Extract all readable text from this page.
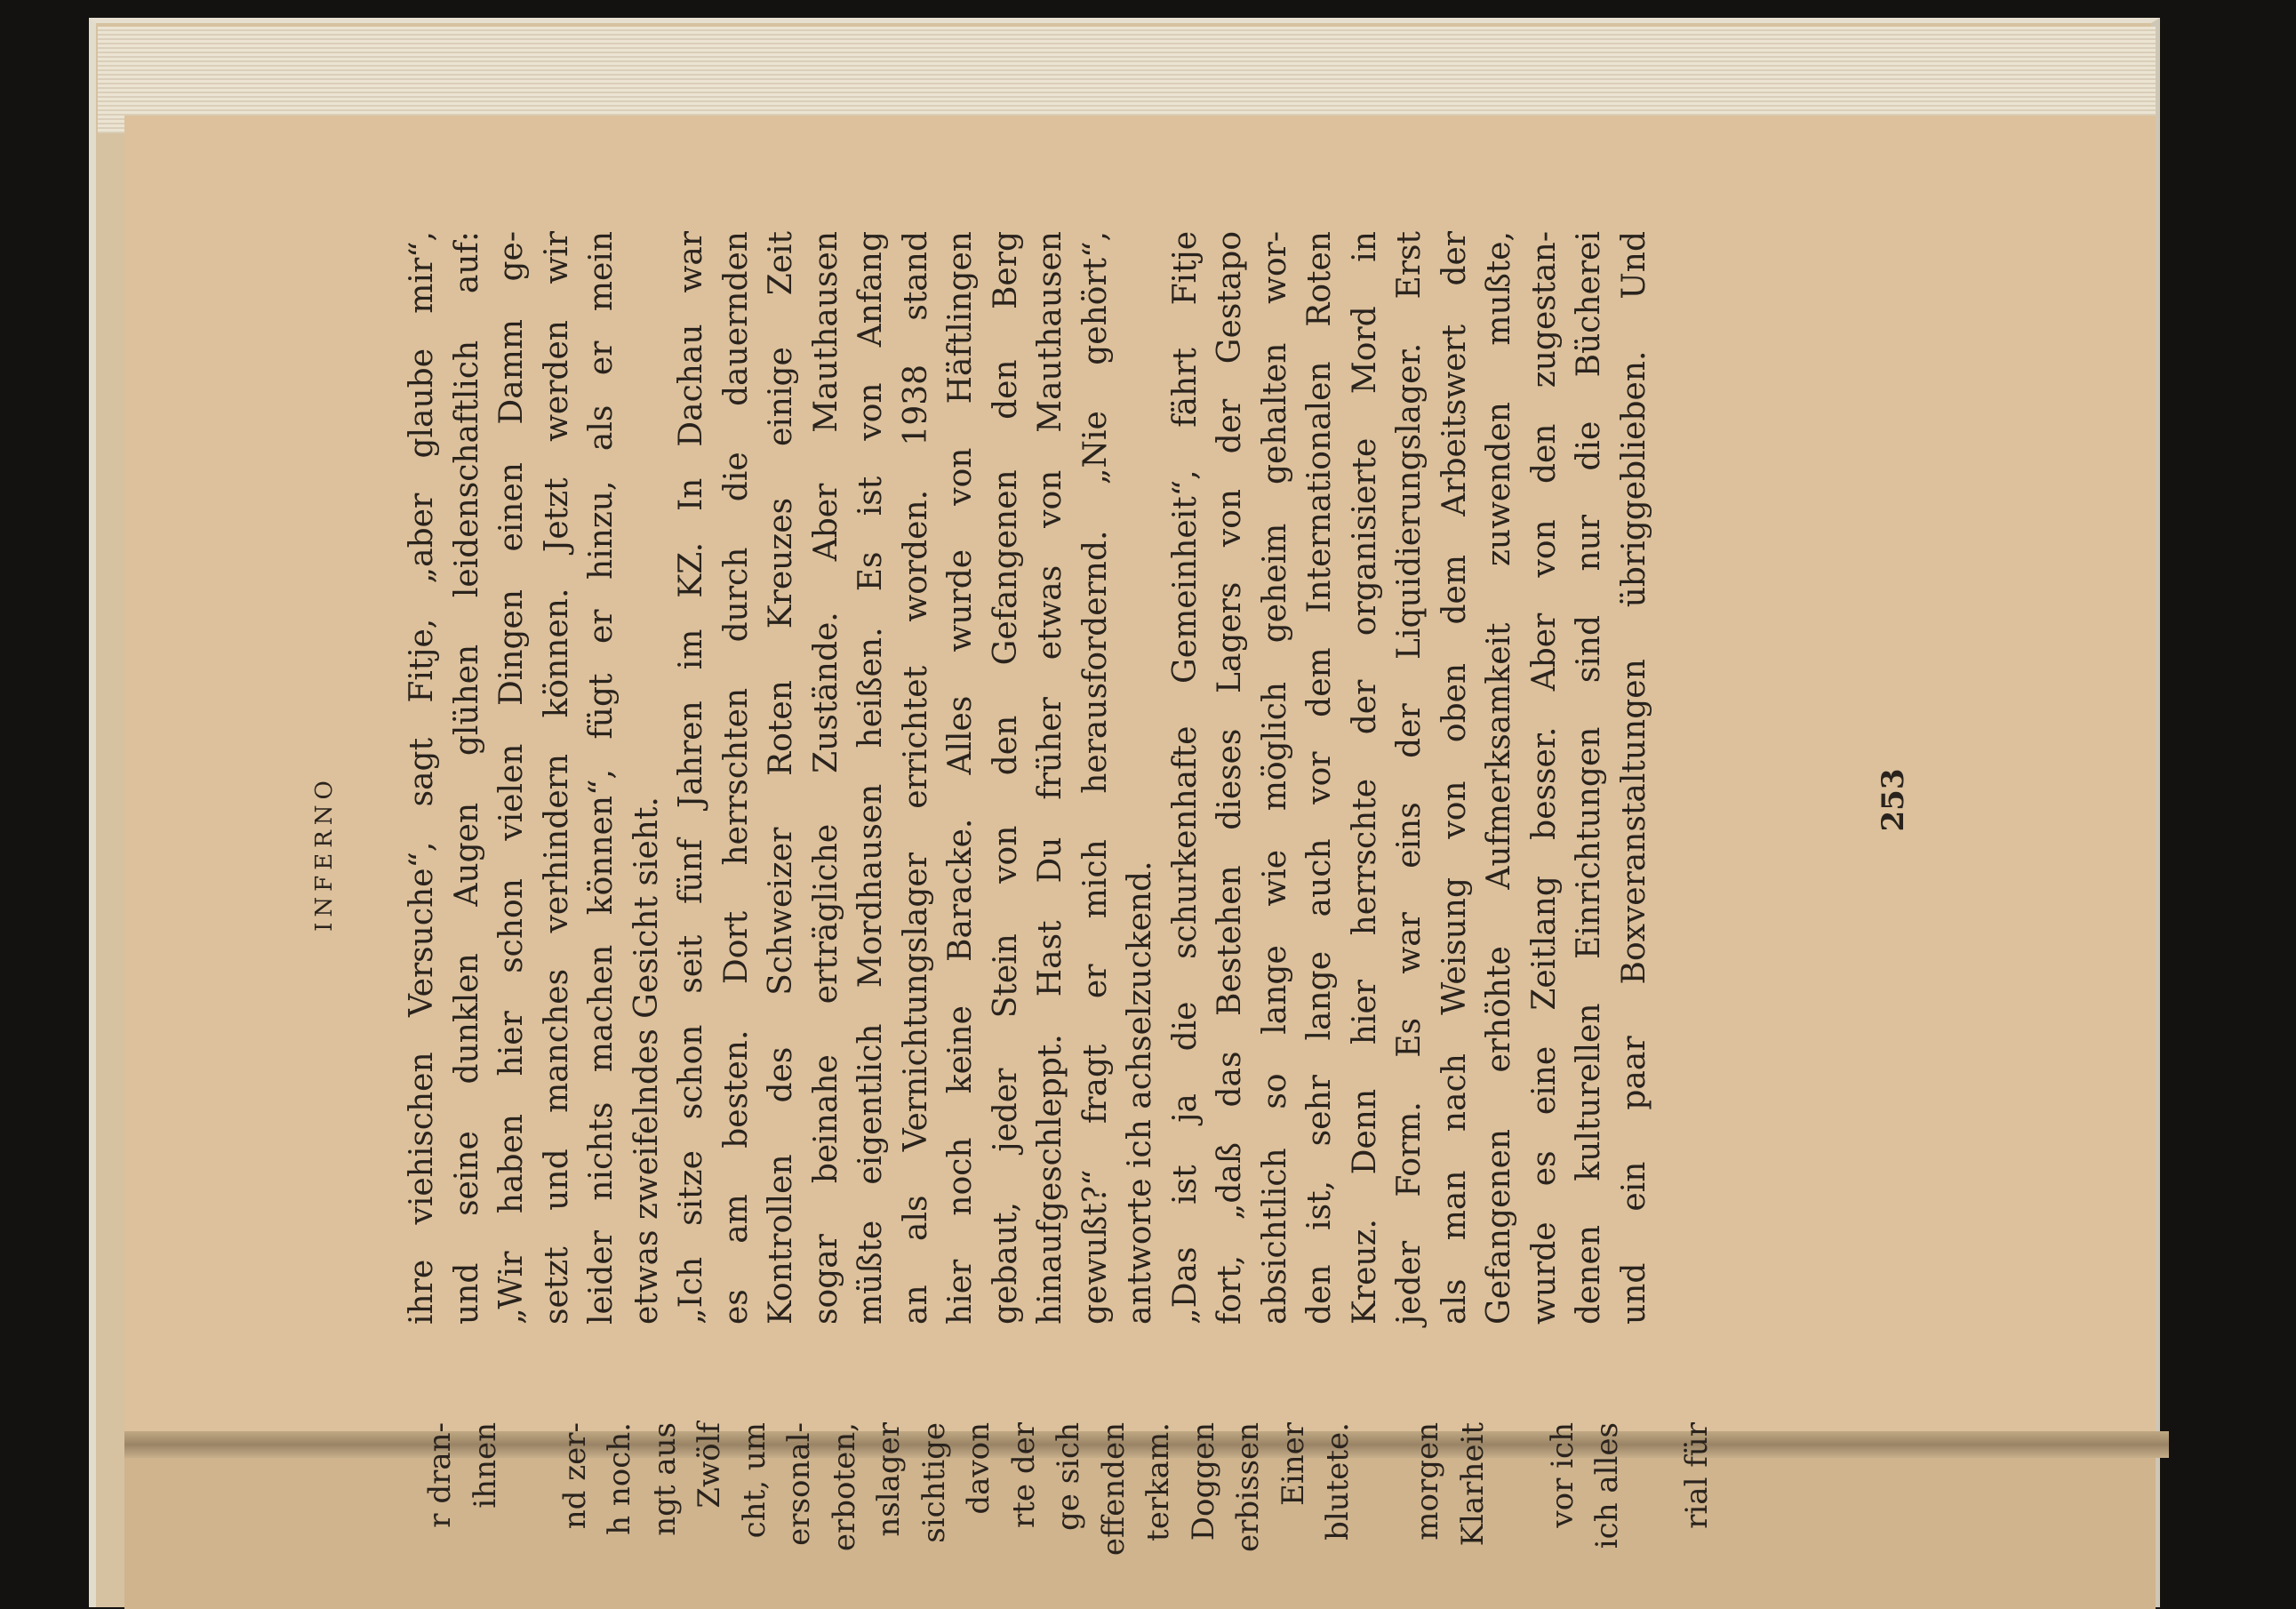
INFERNO ihre viehischen Versuche“, sagt Fitje, „aber glaube mir“, und seine dunklen Augen glühen leidenschaftlich auf: „Wir haben hier schon vielen Dingen einen Damm ge- setzt und manches verhindern können. Jetzt werden wir leider nichts machen können“, fügt er hinzu, als er mein etwas zweifelndes Gesicht sieht. „Ich sitze schon seit fünf Jahren im KZ. In Dachau war es am besten. Dort herrschten durch die dauernden Kontrollen des Schweizer Roten Kreuzes einige Zeit sogar beinahe erträgliche Zustände. Aber Mauthausen müßte eigentlich Mordhausen heißen. Es ist von Anfang an als Vernichtungslager errichtet worden. 1938 stand hier noch keine Baracke. Alles wurde von Häftlingen gebaut, jeder Stein von den Gefangenen den Berg hinaufgeschleppt. Hast Du früher etwas von Mauthausen gewußt?“ fragt er mich herausfordernd. „Nie gehört“, antworte ich achselzuckend. „Das ist ja die schurkenhafte Gemeinheit“, fährt Fitje fort, „daß das Bestehen dieses Lagers von der Gestapo absichtlich so lange wie möglich geheim gehalten wor- den ist, sehr lange auch vor dem Internationalen Roten Kreuz. Denn hier herrschte der organisierte Mord in jeder Form. Es war eins der Liquidierungslager. Erst als man nach Weisung von oben dem Arbeitswert der Gefangenen erhöhte Aufmerksamkeit zuwenden mußte, wurde es eine Zeitlang besser. Aber von den zugestan- denen kulturellen Einrichtungen sind nur die Bücherei und ein paar Boxveranstaltungen übriggeblieben. Und	253

r dran- ihnen

nd zer- h noch. ngt aus Zwölf cht, um ersonal- erboten, nslager sichtige davon rte der ge sich effenden terkam. Doggen erbissen Einer blutete.

morgen Klarheit

vor ich ich alles

rial für
